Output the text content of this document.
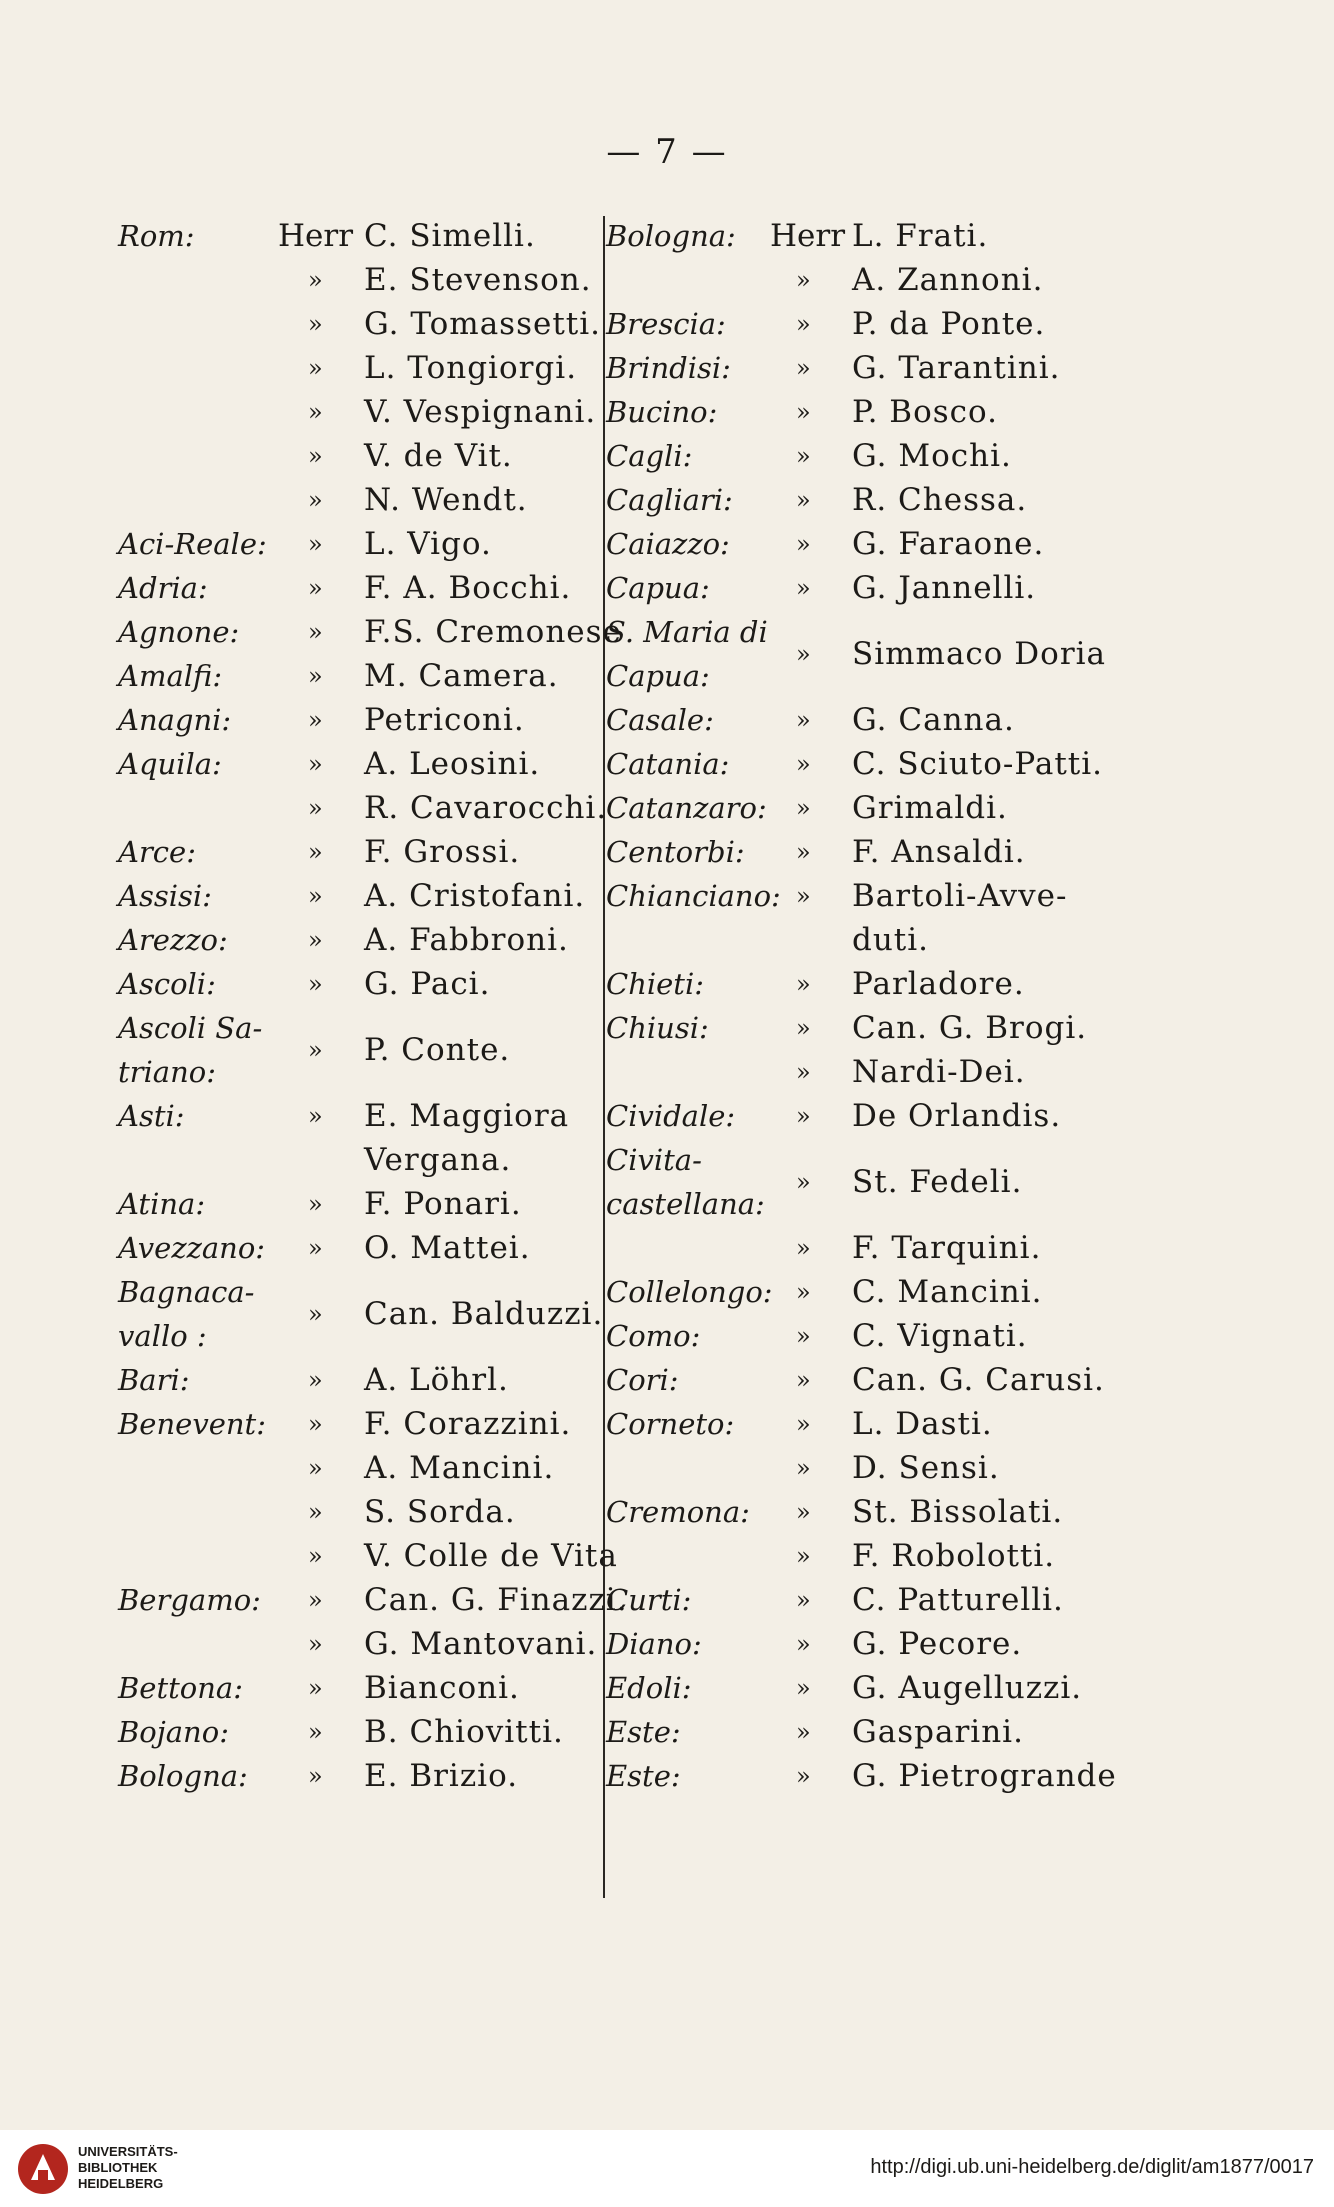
— 7 —
Rom:	Herr C. Simelli.
» E. Stevenson.
» G. Tomassetti.
» L. Tongiorgi.
» V. Vespignani.
» V. de Vit.
» N. Wendt.
Aci-Reale: » L. Vigo.
Adria:	» F. A. Bocchi.
Agnone:	» F.S. Cremonese
Amalfi:	» M. Camera.
Anagni:	» Petriconi.
Aquila:	» A. Leosini.
» R. Cavarocchi.
Arce:	» F. Grossi.
Assisi:	» A. Cristofani.
Arezzo:	» A. Fabbroni.
Ascoli:	» G. Paci.
Ascoli Sa-
triano:
» P. Conte.
Asti:	» E. Maggiora
Vergana.
Atina:	» F. Ponari.
Avezzano: » O. Mattei.
Bagnaca-
vallo :
» Can. Balduzzi.
Bari:	» A. Löhrl.
Benevent: » F. Corazzini.
» A. Mancini.
» S. Sorda.
» V. Colle de Vita
Bergamo: » Can. G. Finazzi.
» G. Mantovani.
Bettona:	» Bianconi.
Bojano:	» B. Chiovitti.
Bologna:	» E. Brizio.
Bologna: Herr L. Frati.
» A. Zannoni.
Brescia:	» P. da Ponte.
Brindisi:	» G. Tarantini.
Bucino:	» P. Bosco.
Cagli:	» G. Mochi.
Cagliari:	» R. Chessa.
Caiazzo:	» G. Faraone.
Capua:	» G. Jannelli.
S. Maria di
Capua:
» Simmaco Doria
Casale:	» G. Canna.
Catania:	» C. Sciuto-Patti.
Catanzaro: » Grimaldi.
Centorbi: » F. Ansaldi.
Chianciano: » Bartoli-Avve-
duti.
Chieti:	» Parladore.
Chiusi:	» Can. G. Brogi.
» Nardi-Dei.
Cividale:	» De Orlandis.
Civita-
castellana:
» St. Fedeli.
» F. Tarquini.
Collelongo: » C. Mancini.
Como:	» C. Vignati.
Cori:	» Can. G. Carusi.
Corneto:	» L. Dasti.
» D. Sensi.
Cremona: » St. Bissolati.
» F. Robolotti.
Curti:	» C. Patturelli.
Diano:	» G. Pecore.
Edoli:	» G. Augelluzzi.
Este:	» Gasparini.
Este:	» G. Pietrogrande
UNIVERSITÄTS-
BIBLIOTHEK
HEIDELBERG
http://digi.ub.uni-heidelberg.de/diglit/am1877/0017
